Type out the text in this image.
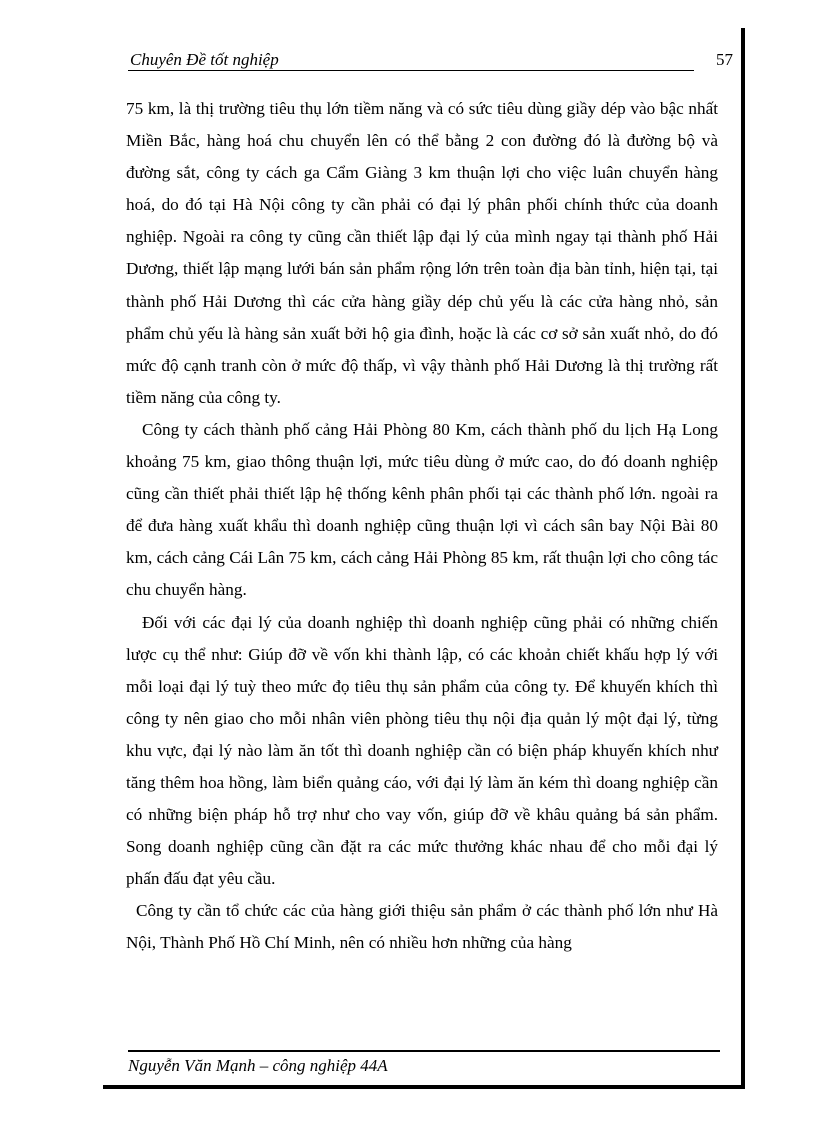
Chuyên Đề tốt nghiệp	57

75 km, là thị trường tiêu thụ lớn tiềm năng và có sức tiêu dùng giầy dép vào bậc nhất Miền Bắc, hàng hoá chu chuyển lên có thể bằng 2 con đường đó là đường bộ và đường sắt, công ty cách ga Cẩm Giàng 3 km thuận lợi cho việc luân chuyển hàng hoá, do đó tại Hà Nội công ty cần phải có đại lý phân phối chính thức của doanh nghiệp. Ngoài ra công ty cũng cần thiết lập đại lý của mình ngay tại thành phố Hải Dương, thiết lập mạng lưới bán sản phẩm rộng lớn trên toàn địa bàn tỉnh, hiện tại, tại thành phố Hải Dương thì các cửa hàng giầy dép chủ yếu là các cửa hàng nhỏ, sản phẩm chủ yếu là hàng sản xuất bởi hộ gia đình, hoặc là các cơ sở sản xuất nhỏ, do đó mức độ cạnh tranh còn ở mức độ thấp, vì vậy thành phố Hải Dương là thị trường rất tiềm năng của công ty.

Công ty cách thành phố cảng Hải Phòng 80 Km, cách thành phố du lịch Hạ Long khoảng 75 km, giao thông thuận lợi, mức tiêu dùng ở mức cao, do đó doanh nghiệp cũng cần thiết phải thiết lập hệ thống kênh phân phối tại các thành phố lớn. ngoài ra để đưa hàng xuất khẩu thì doanh nghiệp cũng thuận lợi vì cách sân bay Nội Bài 80 km, cách cảng Cái Lân 75 km, cách cảng Hải Phòng 85 km, rất thuận lợi cho công tác chu chuyển hàng.

Đối với các đại lý của doanh nghiệp thì doanh nghiệp cũng phải có những chiến lược cụ thể như: Giúp đỡ về vốn khi thành lập, có các khoản chiết khấu hợp lý với mỗi loại đại lý tuỳ theo mức đọ tiêu thụ sản phẩm của công ty. Để khuyến khích thì công ty nên giao cho mỗi nhân viên phòng tiêu thụ nội địa quản lý một đại lý, từng khu vực, đại lý nào làm ăn tốt thì doanh nghiệp cần có biện pháp khuyến khích như tăng thêm hoa hồng, làm biển quảng cáo, với đại lý làm ăn kém thì doang nghiệp cần có những biện pháp hỗ trợ như cho vay vốn, giúp đỡ về khâu quảng bá sản phẩm. Song doanh nghiệp cũng cần đặt ra các mức thưởng khác nhau để cho mỗi đại lý phấn đấu đạt yêu cầu.

Công ty cần tổ chức các của hàng giới thiệu sản phẩm ở các thành phố lớn như Hà Nội, Thành Phố Hồ Chí Minh, nên có nhiều hơn những của hàng

Nguyễn Văn Mạnh – công nghiệp 44A
